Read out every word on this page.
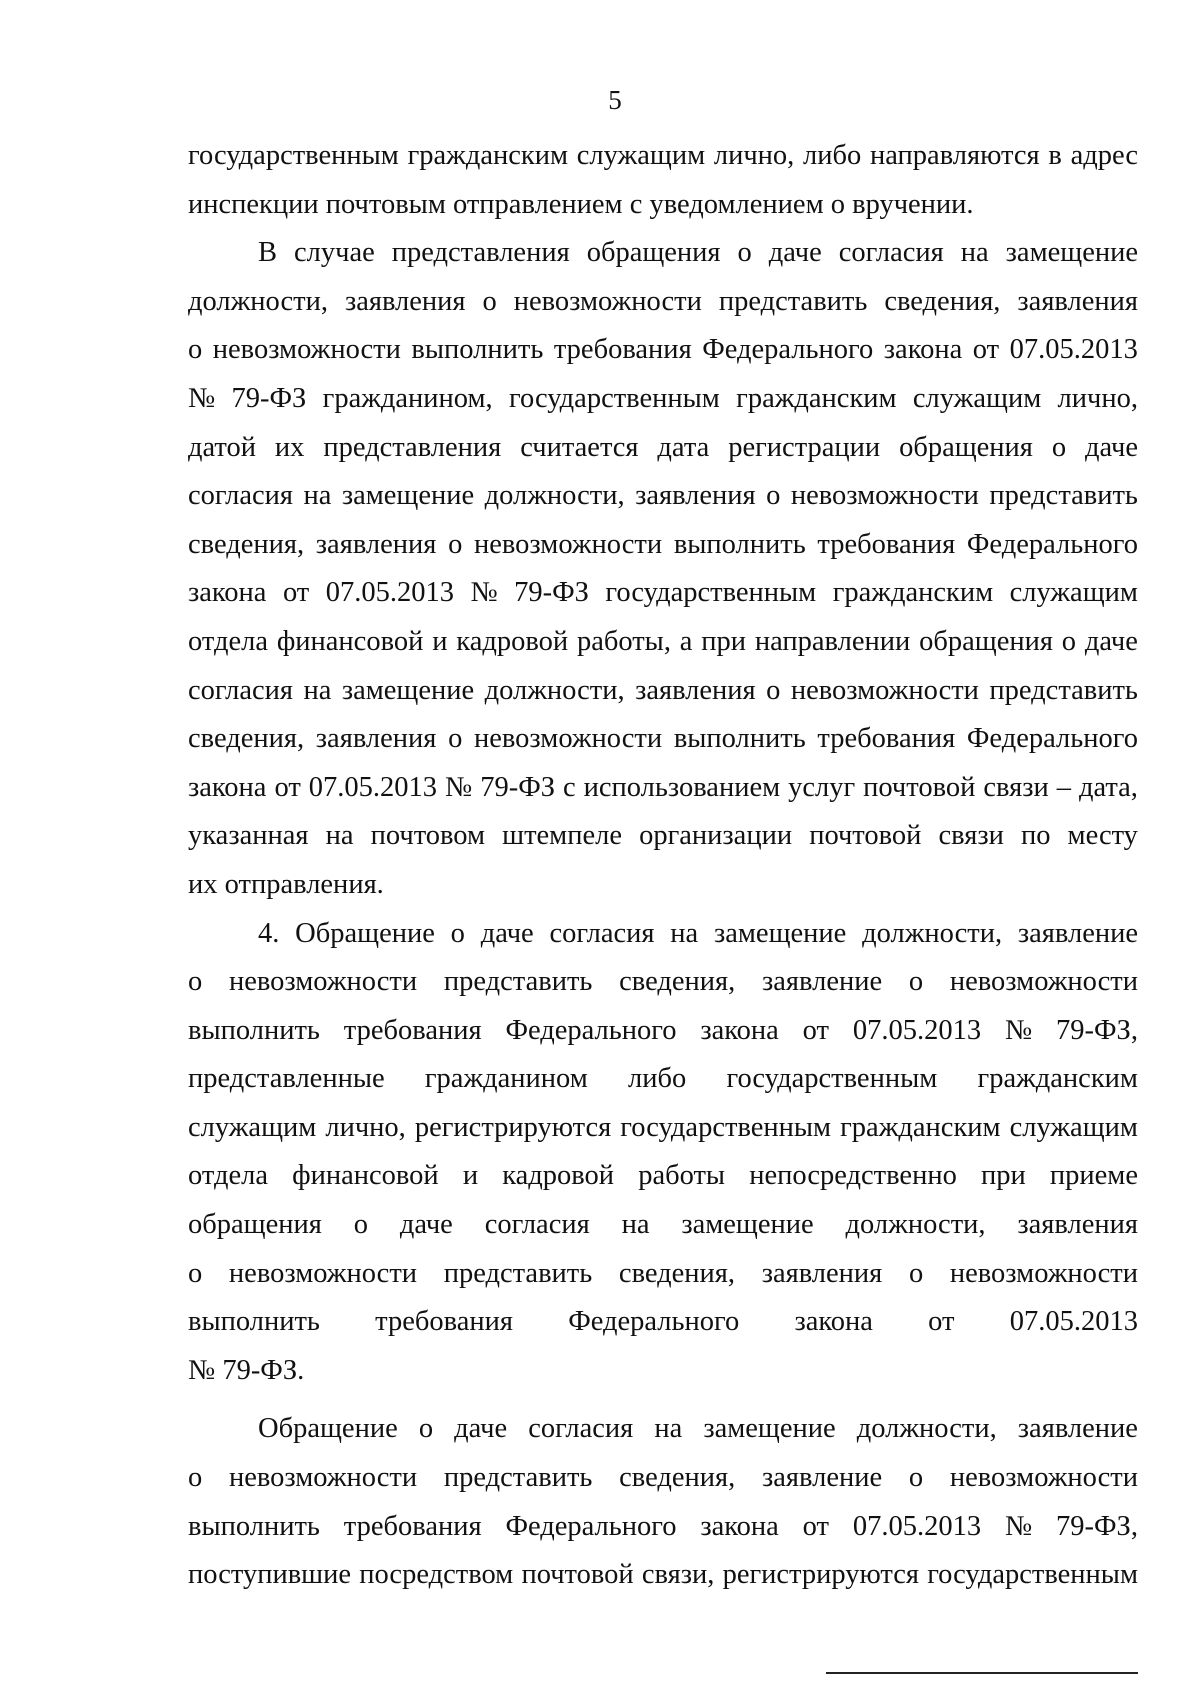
5
государственным гражданским служащим лично, либо направляются в адрес
инспекции почтовым отправлением с уведомлением о вручении.
В случае представления обращения о даче согласия на замещение
должности, заявления о невозможности представить сведения, заявления
о невозможности выполнить требования Федерального закона от 07.05.2013
№ 79-ФЗ гражданином, государственным гражданским служащим лично,
датой их представления считается дата регистрации обращения о даче
согласия на замещение должности, заявления о невозможности представить
сведения, заявления о невозможности выполнить требования Федерального
закона от 07.05.2013 № 79-ФЗ государственным гражданским служащим
отдела финансовой и кадровой работы, а при направлении обращения о даче
согласия на замещение должности, заявления о невозможности представить
сведения, заявления о невозможности выполнить требования Федерального
закона от 07.05.2013 № 79-ФЗ с использованием услуг почтовой связи – дата,
указанная на почтовом штемпеле организации почтовой связи по месту
их отправления.
4. Обращение о даче согласия на замещение должности, заявление
о невозможности представить сведения, заявление о невозможности
выполнить требования Федерального закона от 07.05.2013 № 79-ФЗ,
представленные гражданином либо государственным гражданским
служащим лично, регистрируются государственным гражданским служащим
отдела финансовой и кадровой работы непосредственно при приеме
обращения о даче согласия на замещение должности, заявления
о невозможности представить сведения, заявления о невозможности
выполнить требования Федерального закона от 07.05.2013
№ 79-ФЗ.
Обращение о даче согласия на замещение должности, заявление
о невозможности представить сведения, заявление о невозможности
выполнить требования Федерального закона от 07.05.2013 № 79-ФЗ,
поступившие посредством почтовой связи, регистрируются государственным
